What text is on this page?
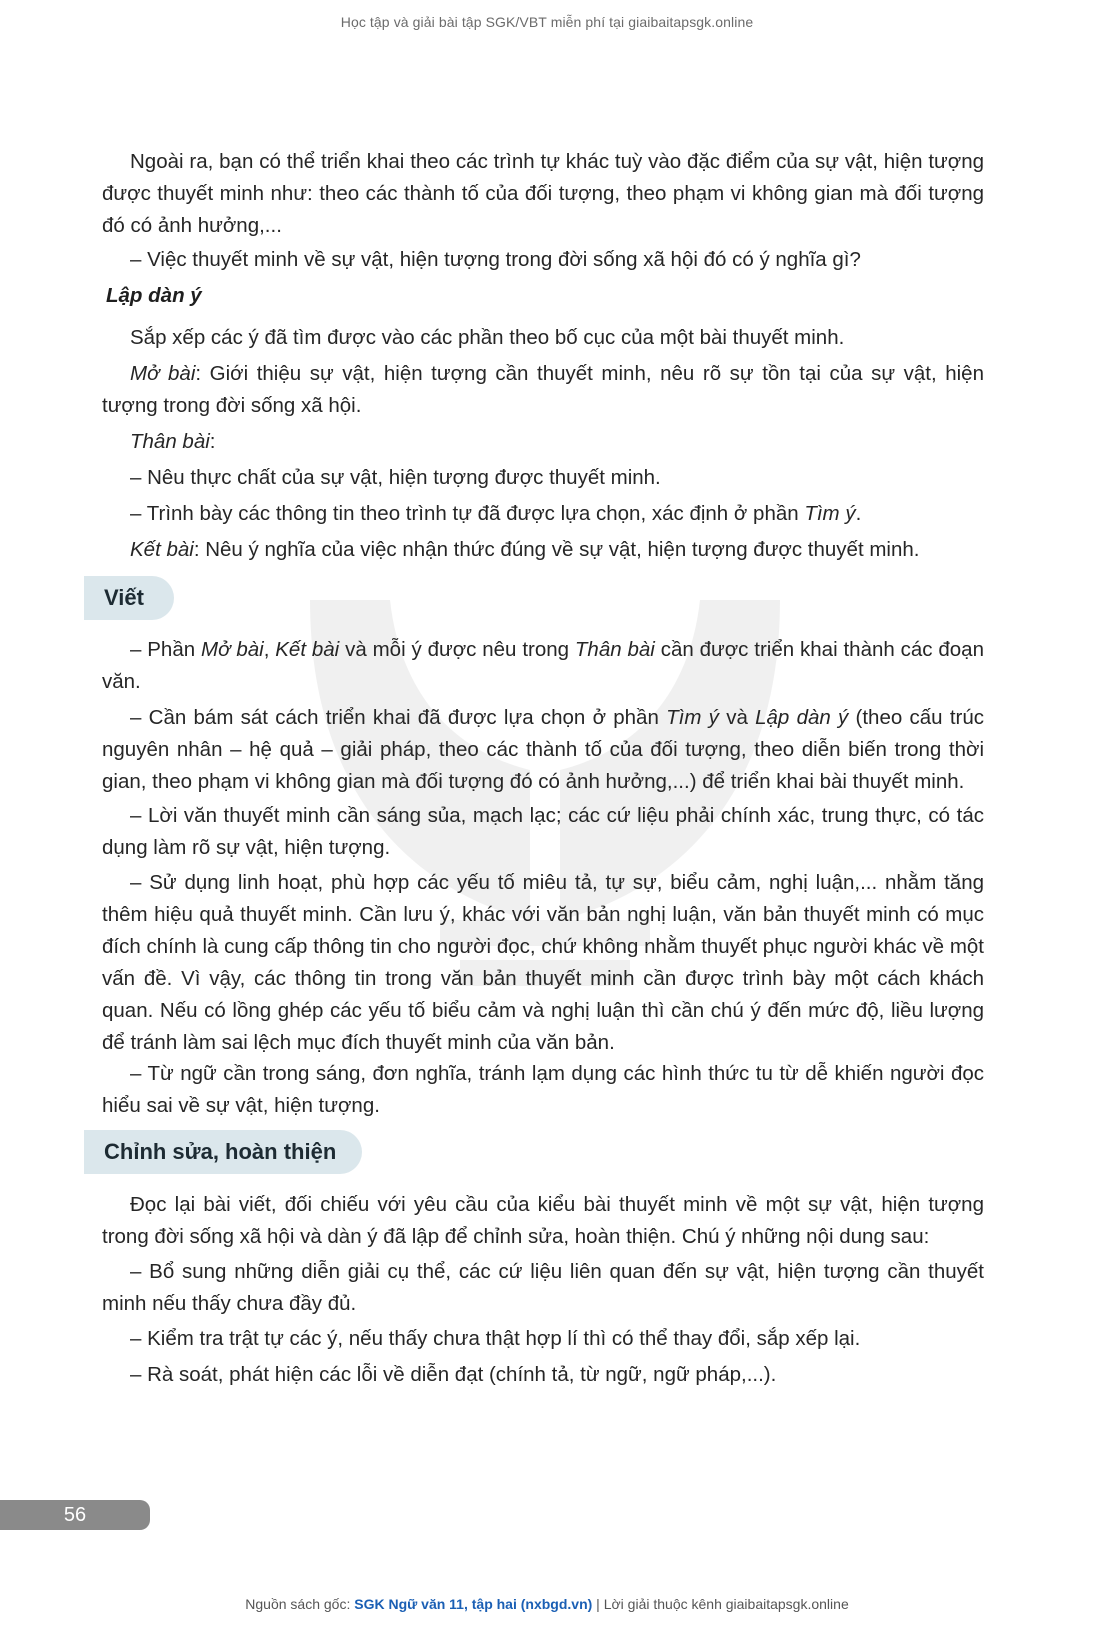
Học tập và giải bài tập SGK/VBT miễn phí tại giaibaitapsgk.online
Ngoài ra, bạn có thể triển khai theo các trình tự khác tuỳ vào đặc điểm của sự vật, hiện tượng được thuyết minh như: theo các thành tố của đối tượng, theo phạm vi không gian mà đối tượng đó có ảnh hưởng,...
– Việc thuyết minh về sự vật, hiện tượng trong đời sống xã hội đó có ý nghĩa gì?
Lập dàn ý
Sắp xếp các ý đã tìm được vào các phần theo bố cục của một bài thuyết minh.
Mở bài: Giới thiệu sự vật, hiện tượng cần thuyết minh, nêu rõ sự tồn tại của sự vật, hiện tượng trong đời sống xã hội.
Thân bài:
– Nêu thực chất của sự vật, hiện tượng được thuyết minh.
– Trình bày các thông tin theo trình tự đã được lựa chọn, xác định ở phần Tìm ý.
Kết bài: Nêu ý nghĩa của việc nhận thức đúng về sự vật, hiện tượng được thuyết minh.
Viết
– Phần Mở bài, Kết bài và mỗi ý được nêu trong Thân bài cần được triển khai thành các đoạn văn.
– Cần bám sát cách triển khai đã được lựa chọn ở phần Tìm ý và Lập dàn ý (theo cấu trúc nguyên nhân – hệ quả – giải pháp, theo các thành tố của đối tượng, theo diễn biến trong thời gian, theo phạm vi không gian mà đối tượng đó có ảnh hưởng,...) để triển khai bài thuyết minh.
– Lời văn thuyết minh cần sáng sủa, mạch lạc; các cứ liệu phải chính xác, trung thực, có tác dụng làm rõ sự vật, hiện tượng.
– Sử dụng linh hoạt, phù hợp các yếu tố miêu tả, tự sự, biểu cảm, nghị luận,... nhằm tăng thêm hiệu quả thuyết minh. Cần lưu ý, khác với văn bản nghị luận, văn bản thuyết minh có mục đích chính là cung cấp thông tin cho người đọc, chứ không nhằm thuyết phục người khác về một vấn đề. Vì vậy, các thông tin trong văn bản thuyết minh cần được trình bày một cách khách quan. Nếu có lồng ghép các yếu tố biểu cảm và nghị luận thì cần chú ý đến mức độ, liều lượng để tránh làm sai lệch mục đích thuyết minh của văn bản.
– Từ ngữ cần trong sáng, đơn nghĩa, tránh lạm dụng các hình thức tu từ dễ khiến người đọc hiểu sai về sự vật, hiện tượng.
Chỉnh sửa, hoàn thiện
Đọc lại bài viết, đối chiếu với yêu cầu của kiểu bài thuyết minh về một sự vật, hiện tượng trong đời sống xã hội và dàn ý đã lập để chỉnh sửa, hoàn thiện. Chú ý những nội dung sau:
– Bổ sung những diễn giải cụ thể, các cứ liệu liên quan đến sự vật, hiện tượng cần thuyết minh nếu thấy chưa đầy đủ.
– Kiểm tra trật tự các ý, nếu thấy chưa thật hợp lí thì có thể thay đổi, sắp xếp lại.
– Rà soát, phát hiện các lỗi về diễn đạt (chính tả, từ ngữ, ngữ pháp,...).
56
Nguồn sách gốc: SGK Ngữ văn 11, tập hai (nxbgd.vn) | Lời giải thuộc kênh giaibaitapsgk.online
